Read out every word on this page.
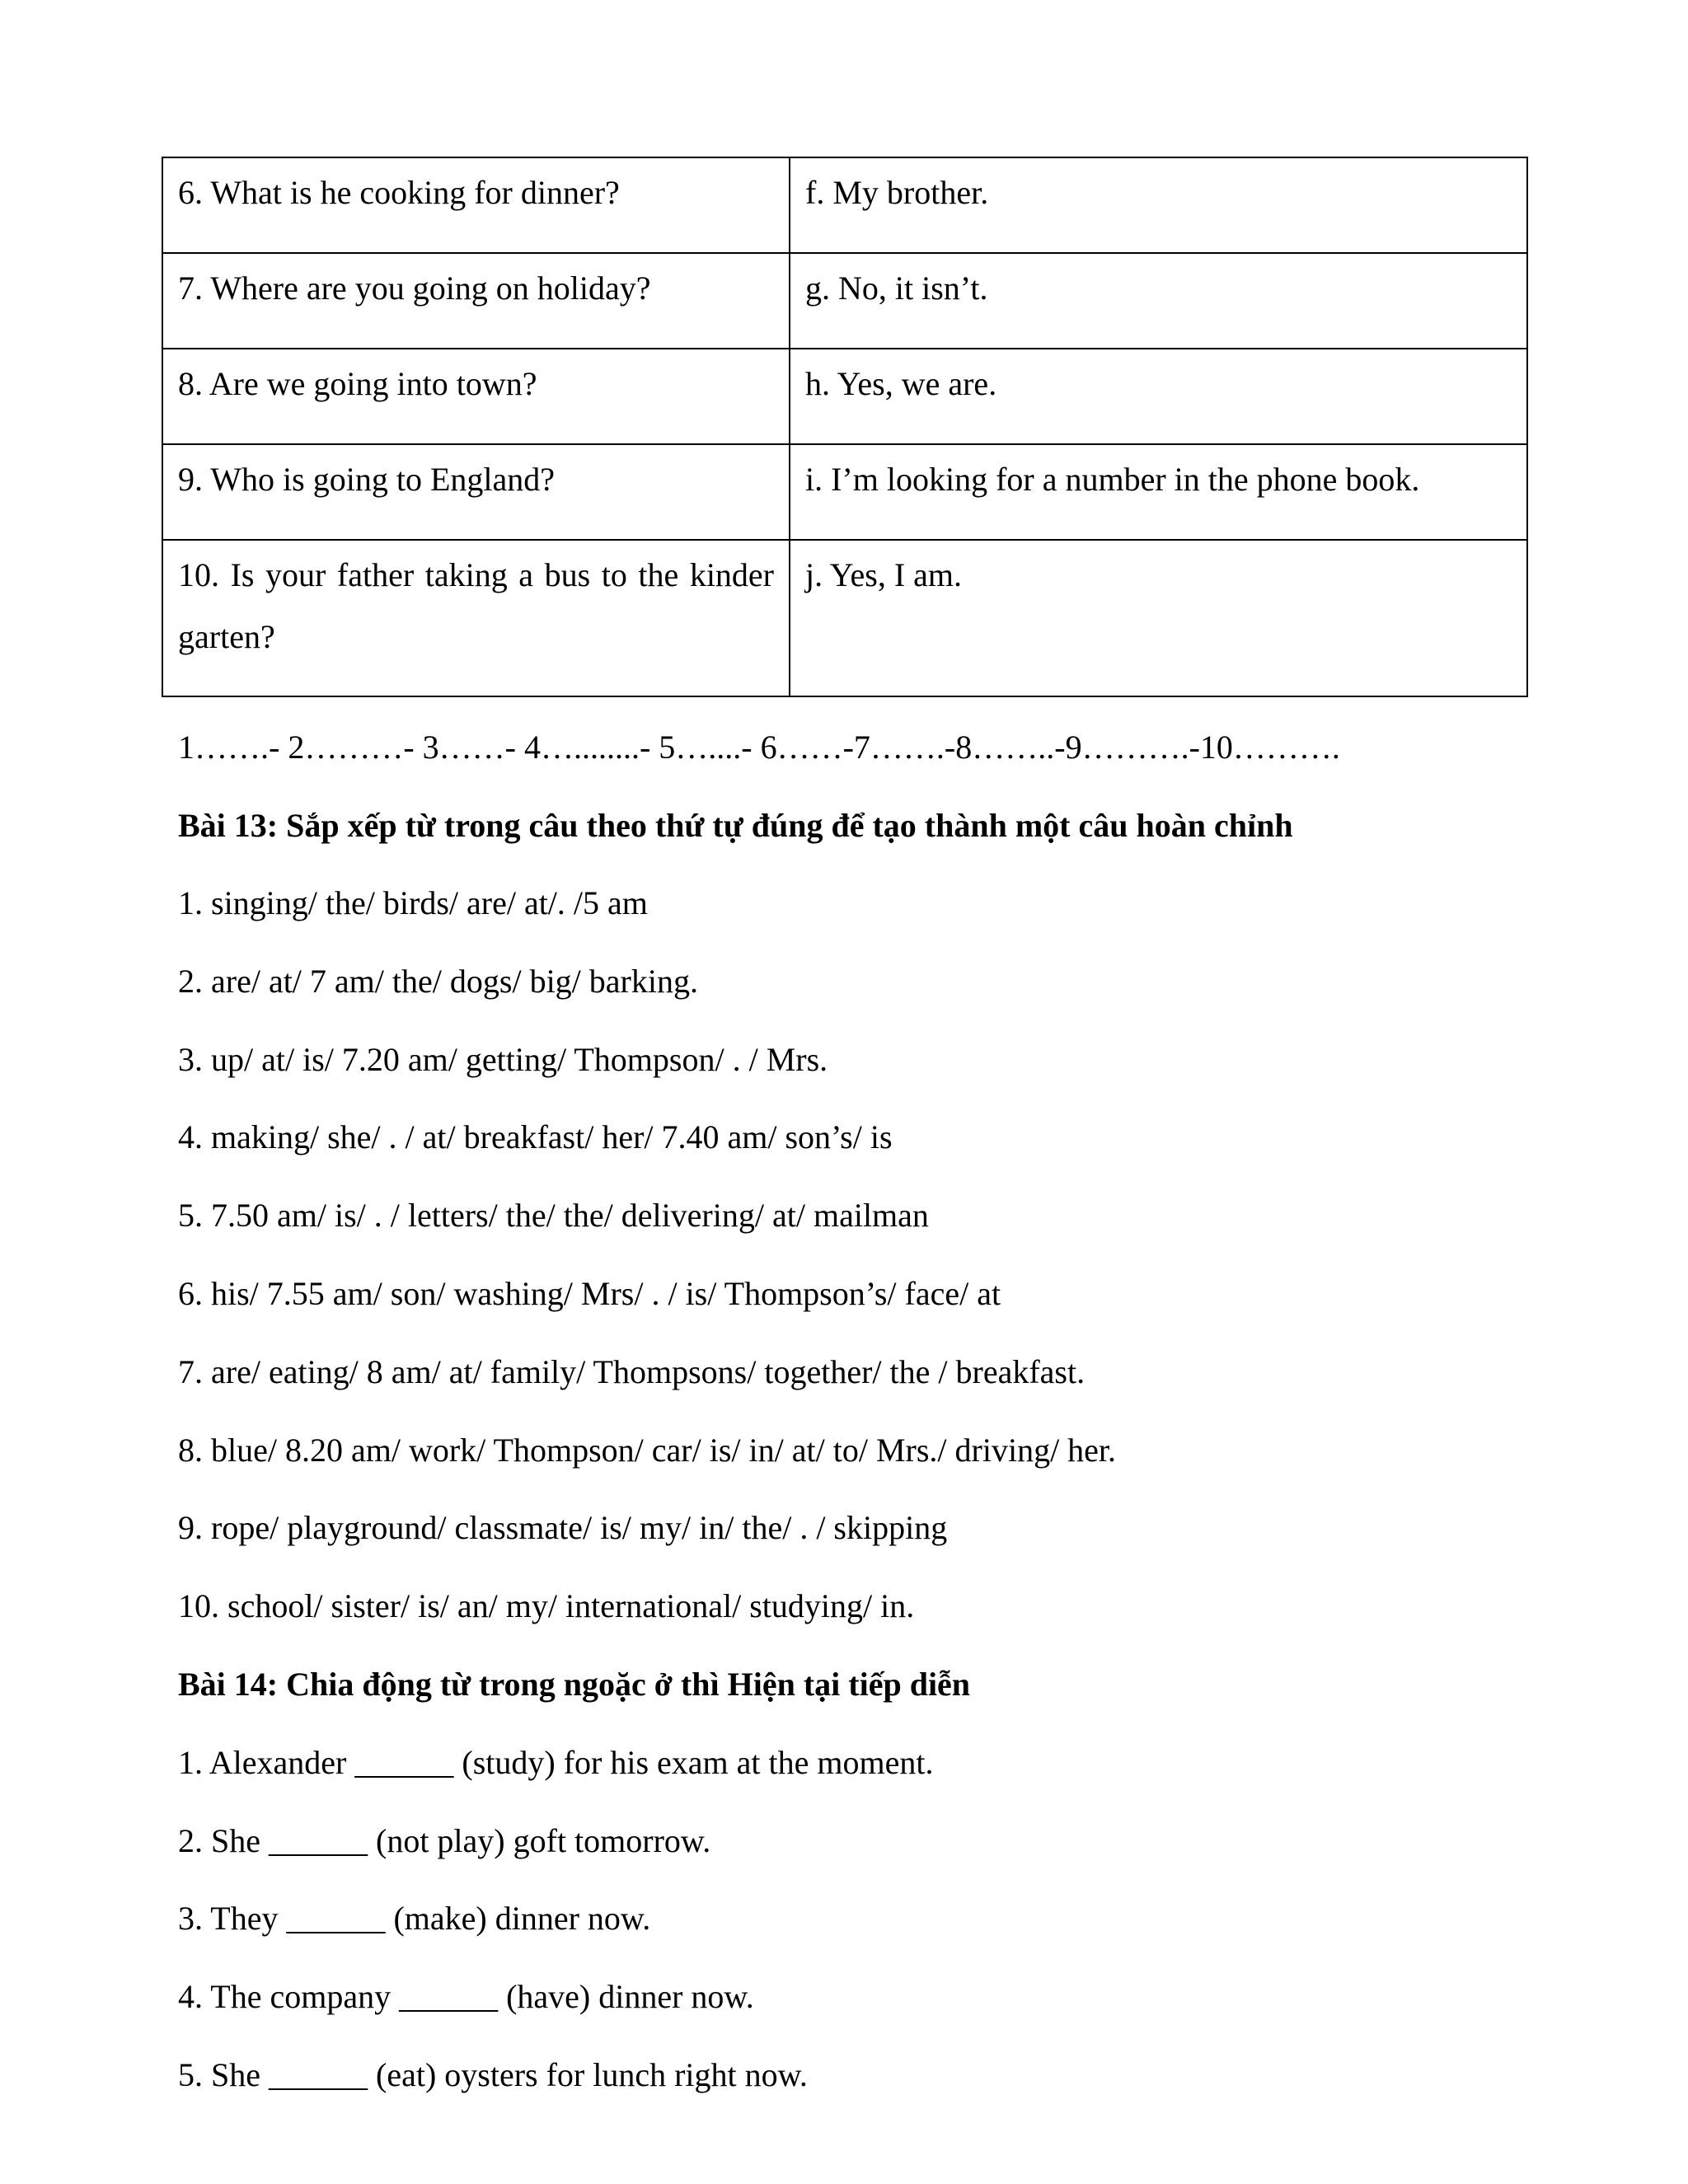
6. What is he cooking for dinner?	f. My brother.
7. Where are you going on holiday?	g. No, it isn’t.
8. Are we going into town?	h. Yes, we are.
9. Who is going to England?	i. I’m looking for a number in the phone book.
10. Is your father taking a bus to the kinder garten?	j. Yes, I am.
1…….- 2………- 3……- 4…........- 5…....- 6……-7…….-8……..-9……….-10……….
Bài 13: Sắp xếp từ trong câu theo thứ tự đúng để tạo thành một câu hoàn chỉnh
1. singing/ the/ birds/ are/ at/. /5 am
2. are/ at/ 7 am/ the/ dogs/ big/ barking.
3. up/ at/ is/ 7.20 am/ getting/ Thompson/ . / Mrs.
4. making/ she/ . / at/ breakfast/ her/ 7.40 am/ son’s/ is
5. 7.50 am/ is/ . / letters/ the/ the/ delivering/ at/ mailman
6. his/ 7.55 am/ son/ washing/ Mrs/ . / is/ Thompson’s/ face/ at
7. are/ eating/ 8 am/ at/ family/ Thompsons/ together/ the / breakfast.
8. blue/ 8.20 am/ work/ Thompson/ car/ is/ in/ at/ to/ Mrs./ driving/ her.
9. rope/ playground/ classmate/ is/ my/ in/ the/ . / skipping
10. school/ sister/ is/ an/ my/ international/ studying/ in.
Bài 14: Chia động từ trong ngoặc ở thì Hiện tại tiếp diễn
1. Alexander ______ (study) for his exam at the moment.
2. She ______ (not play) goft tomorrow.
3. They ______ (make) dinner now.
4. The company ______ (have) dinner now.
5. She ______ (eat) oysters for lunch right now.
